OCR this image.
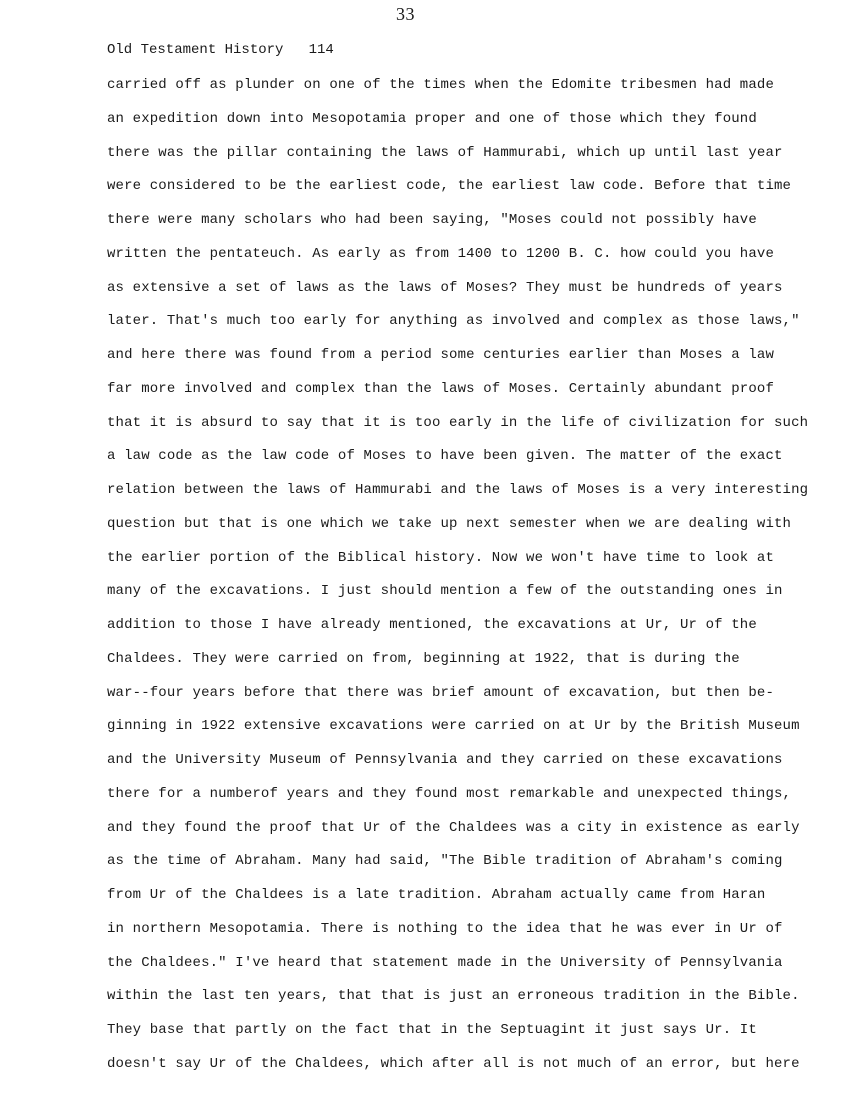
33
Old Testament History   114
carried off as plunder on one of the times when the Edomite tribesmen had made
an expedition down into Mesopotamia proper and one of those which they found
there was the pillar containing the laws of Hammurabi, which up until last year
were considered to be the earliest code, the earliest law code. Before that time
there were many scholars who had been saying, "Moses could not possibly have
written the pentateuch. As early as from 1400 to 1200 B. C. how could you have
as extensive a set of laws as the laws of Moses? They must be hundreds of years
later. That's much too early for anything as involved and complex as those laws,"
and here there was found from a period some centuries earlier than Moses a law
far more involved and complex than the laws of Moses. Certainly abundant proof
that it is absurd to say that it is too early in the life of civilization for such
a law code as the law code of Moses to have been given. The matter of the exact
relation between the laws of Hammurabi and the laws of Moses is a very interesting
question but that is one which we take up next semester when we are dealing with
the earlier portion of the Biblical history. Now we won't have time to look at
many of the excavations. I just should mention a few of the outstanding ones in
addition to those I have already mentioned, the excavations at Ur, Ur of the
Chaldees. They were carried on from, beginning at 1922, that is during the
war--four years before that there was brief amount of excavation, but then be-
ginning in 1922 extensive excavations were carried on at Ur by the British Museum
and the University Museum of Pennsylvania and they carried on these excavations
there for a numberof years and they found most remarkable and unexpected things,
and they found the proof that Ur of the Chaldees was a city in existence as early
as the time of Abraham. Many had said, "The Bible tradition of Abraham's coming
from Ur of the Chaldees is a late tradition. Abraham actually came from Haran
in northern Mesopotamia. There is nothing to the idea that he was ever in Ur of
the Chaldees." I've heard that statement made in the University of Pennsylvania
within the last ten years, that that is just an erroneous tradition in the Bible.
They base that partly on the fact that in the Septuagint it just says Ur. It
doesn't say Ur of the Chaldees, which after all is not much of an error, but here
